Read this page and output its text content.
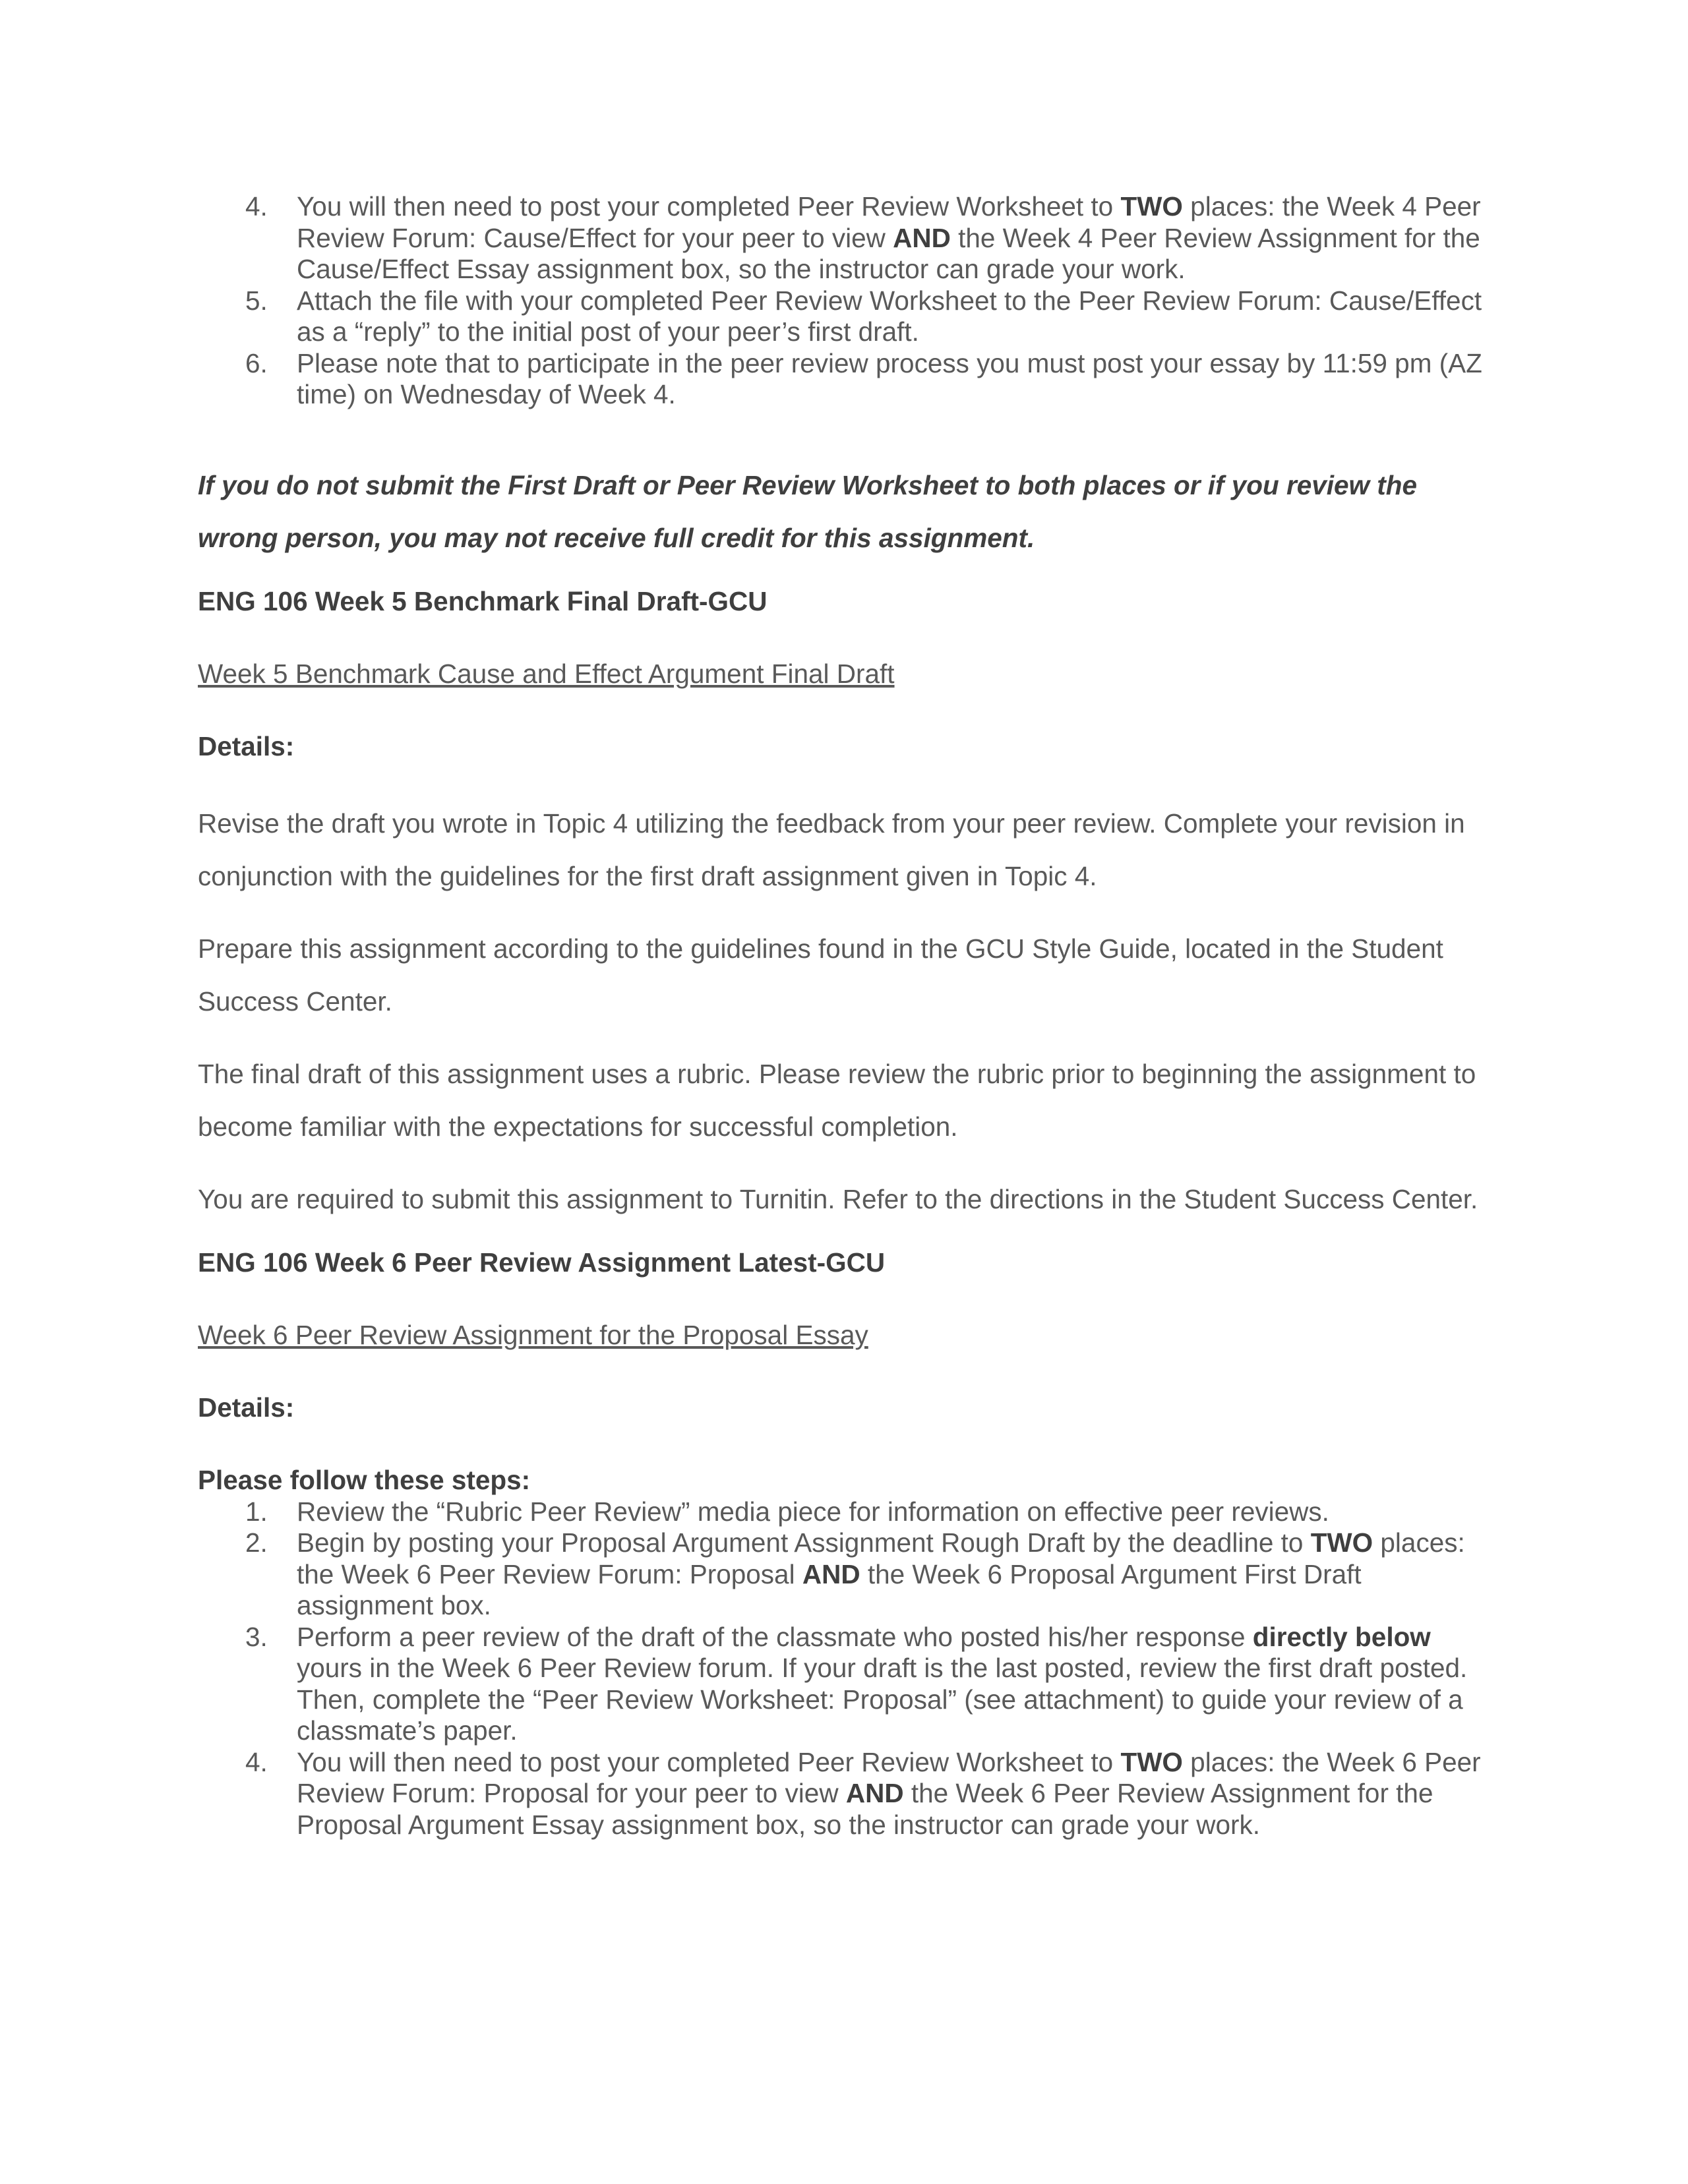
4. You will then need to post your completed Peer Review Worksheet to TWO places: the Week 4 Peer Review Forum: Cause/Effect for your peer to view AND the Week 4 Peer Review Assignment for the Cause/Effect Essay assignment box, so the instructor can grade your work.
5. Attach the file with your completed Peer Review Worksheet to the Peer Review Forum: Cause/Effect as a “reply” to the initial post of your peer’s first draft.
6. Please note that to participate in the peer review process you must post your essay by 11:59 pm (AZ time) on Wednesday of Week 4.
If you do not submit the First Draft or Peer Review Worksheet to both places or if you review the wrong person, you may not receive full credit for this assignment.
ENG 106 Week 5 Benchmark Final Draft-GCU
Week 5 Benchmark Cause and Effect Argument Final Draft
Details:

Revise the draft you wrote in Topic 4 utilizing the feedback from your peer review. Complete your revision in conjunction with the guidelines for the first draft assignment given in Topic 4.

Prepare this assignment according to the guidelines found in the GCU Style Guide, located in the Student Success Center.

The final draft of this assignment uses a rubric. Please review the rubric prior to beginning the assignment to become familiar with the expectations for successful completion.

You are required to submit this assignment to Turnitin. Refer to the directions in the Student Success Center.

ENG 106 Week 6 Peer Review Assignment Latest-GCU
Week 6 Peer Review Assignment for the Proposal Essay
Details:
Please follow these steps:
1. Review the “Rubric Peer Review” media piece for information on effective peer reviews.
2. Begin by posting your Proposal Argument Assignment Rough Draft by the deadline to TWO places: the Week 6 Peer Review Forum: Proposal AND the Week 6 Proposal Argument First Draft assignment box.
3. Perform a peer review of the draft of the classmate who posted his/her response directly below yours in the Week 6 Peer Review forum. If your draft is the last posted, review the first draft posted. Then, complete the “Peer Review Worksheet: Proposal” (see attachment) to guide your review of a classmate’s paper.
4. You will then need to post your completed Peer Review Worksheet to TWO places: the Week 6 Peer Review Forum: Proposal for your peer to view AND the Week 6 Peer Review Assignment for the Proposal Argument Essay assignment box, so the instructor can grade your work.
